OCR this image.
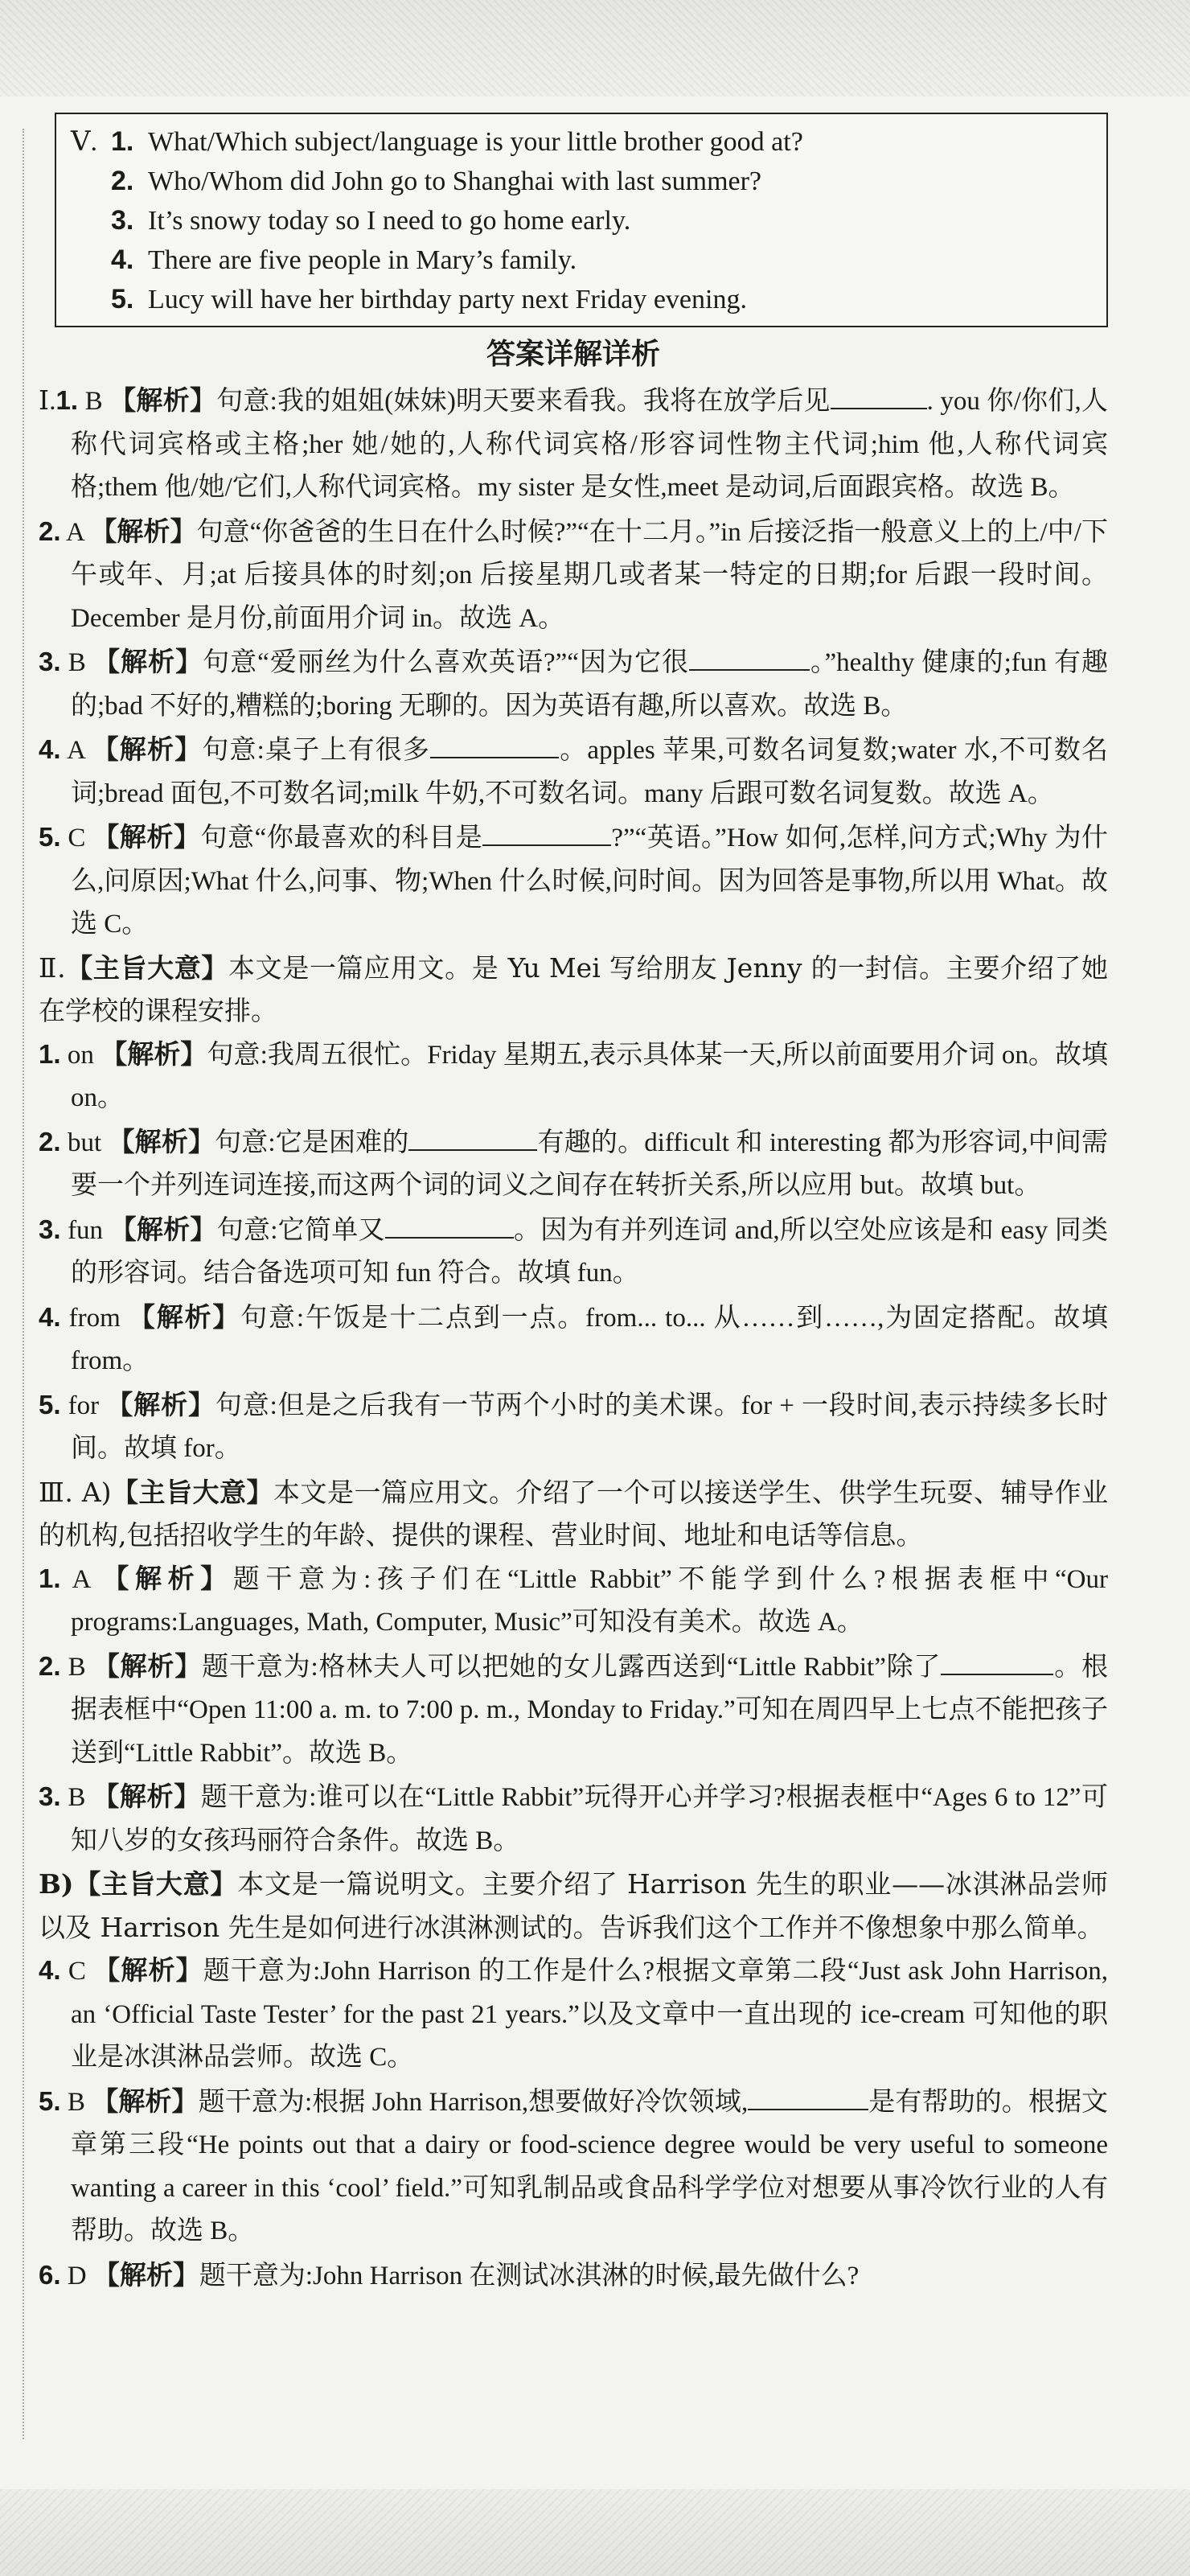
Ⅴ. 1. What/Which subject/language is your little brother good at?
2. Who/Whom did John go to Shanghai with last summer?
3. It’s snowy today so I need to go home early.
4. There are five people in Mary’s family.
5. Lucy will have her birthday party next Friday evening.
答案详解详析

Ⅰ.1. B 【解析】句意:我的姐姐(妹妹)明天要来看我。我将在放学后见	. you 你/你们,人称代词宾格或主格;her 她/她的,人称代词宾格/形容词性物主代词;him 他,人称代词宾格;them 他/她/它们,人称代词宾格。my sister 是女性,meet 是动词,后面跟宾格。故选 B。

2. A 【解析】句意“你爸爸的生日在什么时候?”“在十二月。”in 后接泛指一般意义上的上/中/下午或年、月;at 后接具体的时刻;on 后接星期几或者某一特定的日期;for 后跟一段时间。December 是月份,前面用介词 in。故选 A。

3. B 【解析】句意“爱丽丝为什么喜欢英语?”“因为它很	。”healthy 健康的;fun 有趣的;bad 不好的,糟糕的;boring 无聊的。因为英语有趣,所以喜欢。故选 B。

4. A 【解析】句意:桌子上有很多	。apples 苹果,可数名词复数;water 水,不可数名词;bread 面包,不可数名词;milk 牛奶,不可数名词。many 后跟可数名词复数。故选 A。

5. C 【解析】句意“你最喜欢的科目是	?”“英语。”How 如何,怎样,问方式;Why 为什么,问原因;What 什么,问事、物;When 什么时候,问时间。因为回答是事物,所以用 What。故选 C。

Ⅱ.【主旨大意】本文是一篇应用文。是 Yu Mei 写给朋友 Jenny 的一封信。主要介绍了她在学校的课程安排。

1. on 【解析】句意:我周五很忙。Friday 星期五,表示具体某一天,所以前面要用介词 on。故填 on。

2. but 【解析】句意:它是困难的	有趣的。difficult 和 interesting 都为形容词,中间需要一个并列连词连接,而这两个词的词义之间存在转折关系,所以应用 but。故填 but。

3. fun 【解析】句意:它简单又	。因为有并列连词 and,所以空处应该是和 easy 同类的形容词。结合备选项可知 fun 符合。故填 fun。

4. from 【解析】句意:午饭是十二点到一点。from... to... 从……到……,为固定搭配。故填 from。

5. for 【解析】句意:但是之后我有一节两个小时的美术课。for + 一段时间,表示持续多长时间。故填 for。

Ⅲ. A)【主旨大意】本文是一篇应用文。介绍了一个可以接送学生、供学生玩耍、辅导作业的机构,包括招收学生的年龄、提供的课程、营业时间、地址和电话等信息。

1. A 【解析】题干意为:孩子们在“Little Rabbit”不能学到什么?根据表框中“Our programs:Languages, Math, Computer, Music”可知没有美术。故选 A。

2. B 【解析】题干意为:格林夫人可以把她的女儿露西送到“Little Rabbit”除了	。根据表框中“Open 11:00 a. m. to 7:00 p. m., Monday to Friday.”可知在周四早上七点不能把孩子送到“Little Rabbit”。故选 B。

3. B 【解析】题干意为:谁可以在“Little Rabbit”玩得开心并学习?根据表框中“Ages 6 to 12”可知八岁的女孩玛丽符合条件。故选 B。

B)【主旨大意】本文是一篇说明文。主要介绍了 Harrison 先生的职业——冰淇淋品尝师以及 Harrison 先生是如何进行冰淇淋测试的。告诉我们这个工作并不像想象中那么简单。

4. C 【解析】题干意为:John Harrison 的工作是什么?根据文章第二段“Just ask John Harrison, an ‘Official Taste Tester’ for the past 21 years.”以及文章中一直出现的 ice-cream 可知他的职业是冰淇淋品尝师。故选 C。

5. B 【解析】题干意为:根据 John Harrison,想要做好冷饮领域,	是有帮助的。根据文章第三段“He points out that a dairy or food-science degree would be very useful to someone wanting a career in this ‘cool’ field.”可知乳制品或食品科学学位对想要从事冷饮行业的人有帮助。故选 B。

6. D 【解析】题干意为:John Harrison 在测试冰淇淋的时候,最先做什么?
